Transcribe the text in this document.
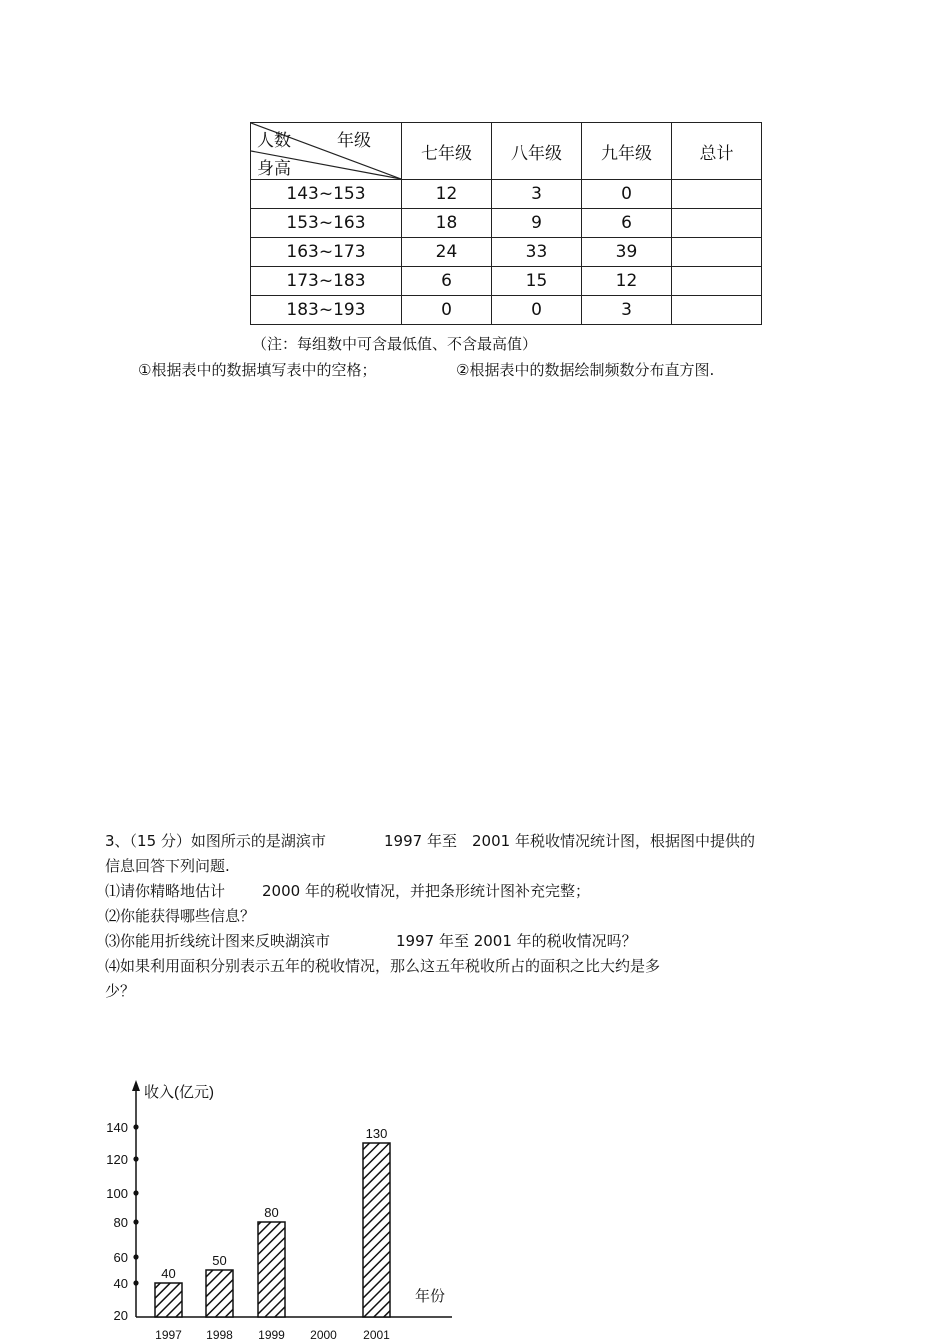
人数 年级
身高	七年级	八年级	九年级	总计
143~153	12	3	0	
153~163	18	9	6	
163~173	24	33	39	
173~183	6	15	12	
183~193	0	0	3	
（注：每组数中可含最低值、不含最高值）
①根据表中的数据填写表中的空格；	②根据表中的数据绘制频数分布直方图.
3、（15 分）如图所示的是湖滨市	1997 年至 2001 年税收情况统计图，根据图中提供的
信息回答下列问题.
⑴请你精略地估计 2000 年的税收情况，并把条形统计图补充完整；
⑵你能获得哪些信息？
⑶你能用折线统计图来反映湖滨市	1997 年至 2001 年的税收情况吗？
⑷如果利用面积分别表示五年的税收情况，那么这五年税收所占的面积之比大约是多
少？
收入(亿元)
年份
20
40
60
80
100
120
140
1997
40
1998
50
1999
80
2000 2001
130
